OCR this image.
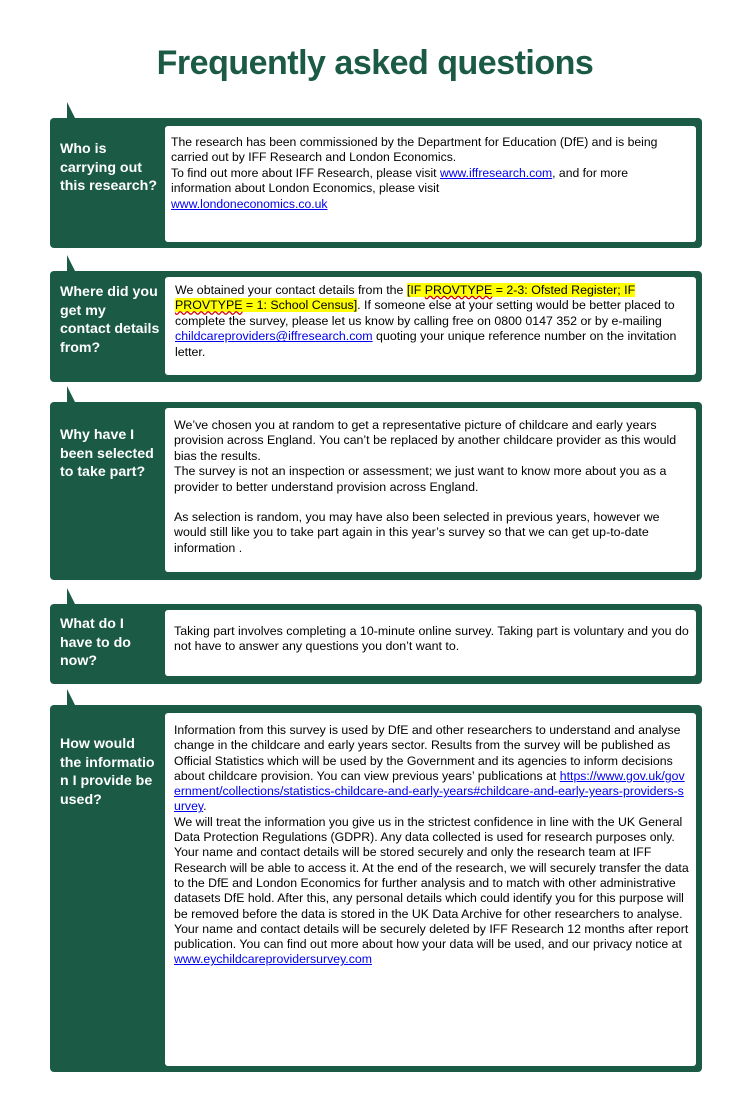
Frequently asked questions
Who is carrying out this research?

The research has been commissioned by the Department for Education (DfE) and is being carried out by IFF Research and London Economics.

To find out more about IFF Research, please visit www.iffresearch.com, and for more information about London Economics, please visit
www.londoneconomics.co.uk

Where did you get my contact details from?

We obtained your contact details from the [IF PROVTYPE = 2-3: Ofsted Register; IF PROVTYPE = 1: School Census]. If someone else at your setting would be better placed to complete the survey, please let us know by calling free on 0800 0147 352 or by e-mailing childcareproviders@iffresearch.com quoting your unique reference number on the invitation letter.

Why have I been selected to take part?

We’ve chosen you at random to get a representative picture of childcare and early years provision across England. You can’t be replaced by another childcare provider as this would bias the results.

The survey is not an inspection or assessment; we just want to know more about you as a provider to better understand provision across England.

As selection is random, you may have also been selected in previous years, however we would still like you to take part again in this year’s survey so that we can get up-to-date information .

What do I have to do now?

Taking part involves completing a 10-minute online survey. Taking part is voluntary and you do not have to answer any questions you don’t want to.

How would the informatio n I provide be used?

Information from this survey is used by DfE and other researchers to understand and analyse change in the childcare and early years sector. Results from the survey will be published as Official Statistics which will be used by the Government and its agencies to inform decisions about childcare provision. You can view previous years’ publications at https://www.gov.uk/government/collections/statistics-childcare-and-early-years#childcare-and-early-years-providers-survey.

We will treat the information you give us in the strictest confidence in line with the UK General Data Protection Regulations (GDPR). Any data collected is used for research purposes only. Your name and contact details will be stored securely and only the research team at IFF Research will be able to access it. At the end of the research, we will securely transfer the data to the DfE and London Economics for further analysis and to match with other administrative datasets DfE hold. After this, any personal details which could identify you for this purpose will be removed before the data is stored in the UK Data Archive for other researchers to analyse. Your name and contact details will be securely deleted by IFF Research 12 months after report publication. You can find out more about how your data will be used, and our privacy notice at www.eychildcareprovidersurvey.com
